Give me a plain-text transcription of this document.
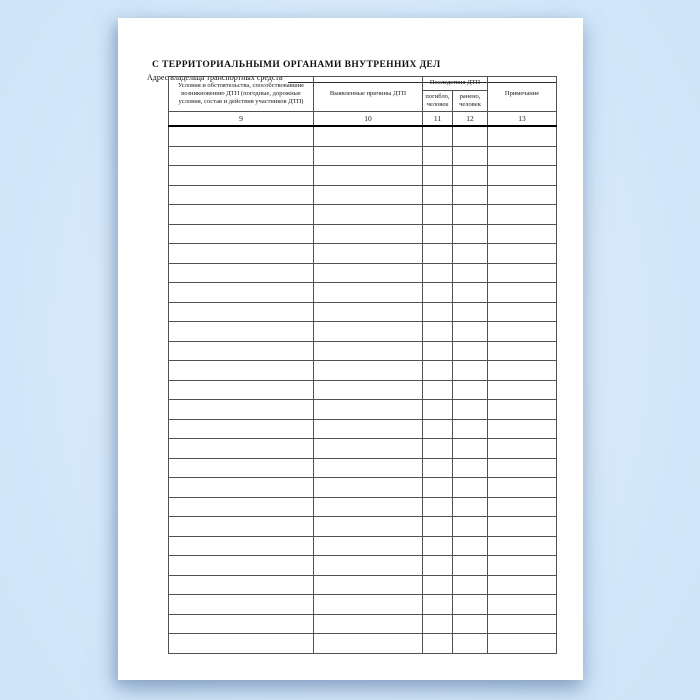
С ТЕРРИТОРИАЛЬНЫМИ ОРГАНАМИ ВНУТРЕННИХ ДЕЛ
Адрес владельца транспортных средств
Условия и обстоятельства, способствовавшие возникновению ДТП (погодные, дорожные условия, состав и действия участников ДТП)	Выявленные причины ДТП	Последствия ДТП		Примечание
		погибло, человек	ранено, человек	
9	10	11	12	13
